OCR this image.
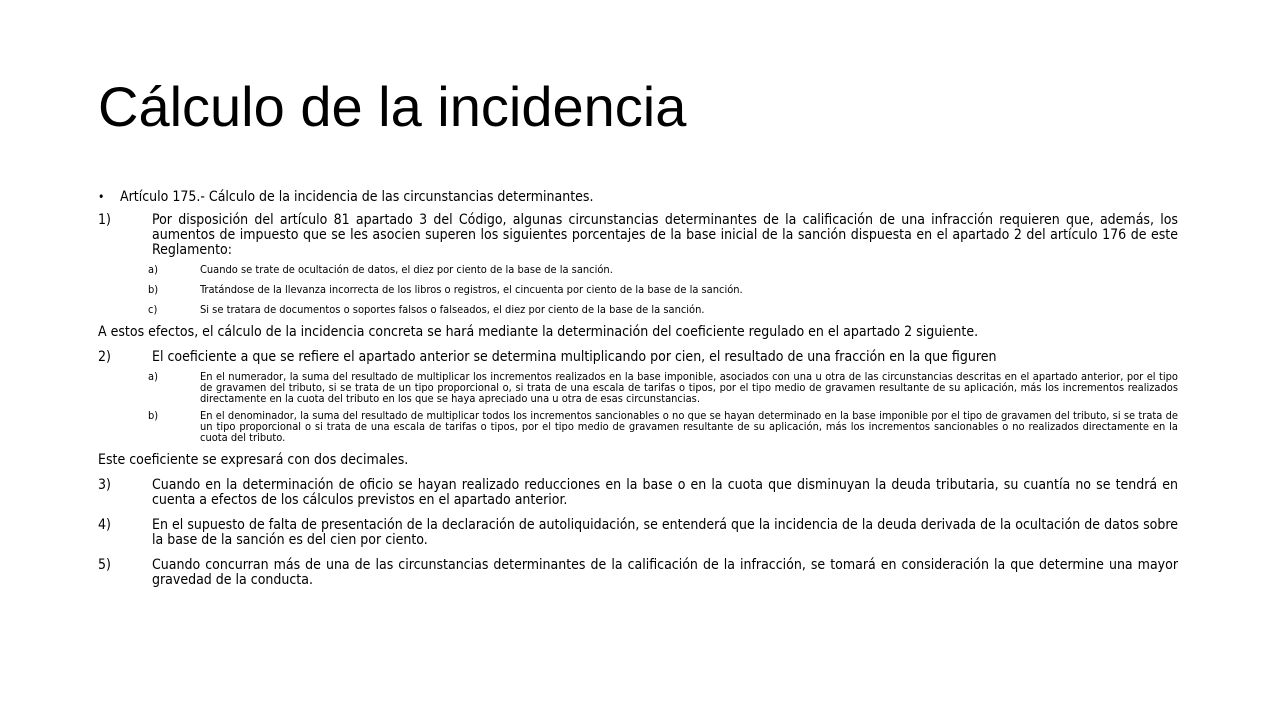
Cálculo de la incidencia
• Artículo 175.- Cálculo de la incidencia de las circunstancias determinantes.
1)	Por disposición del artículo 81 apartado 3 del Código, algunas circunstancias determinantes de la calificación de una infracción requieren que, además, los aumentos de impuesto que se les asocien superen los siguientes porcentajes de la base inicial de la sanción dispuesta en el apartado 2 del artículo 176 de este Reglamento:
a)	Cuando se trate de ocultación de datos, el diez por ciento de la base de la sanción.
b)	Tratándose de la llevanza incorrecta de los libros o registros, el cincuenta por ciento de la base de la sanción.
c)	Si se tratara de documentos o soportes falsos o falseados, el diez por ciento de la base de la sanción.
A estos efectos, el cálculo de la incidencia concreta se hará mediante la determinación del coeficiente regulado en el apartado 2 siguiente.
2)	El coeficiente a que se refiere el apartado anterior se determina multiplicando por cien, el resultado de una fracción en la que figuren
a)	En el numerador, la suma del resultado de multiplicar los incrementos realizados en la base imponible, asociados con una u otra de las circunstancias descritas en el apartado anterior, por el tipo de gravamen del tributo, si se trata de un tipo proporcional o, si trata de una escala de tarifas o tipos, por el tipo medio de gravamen resultante de su aplicación, más los incrementos realizados directamente en la cuota del tributo en los que se haya apreciado una u otra de esas circunstancias.
b)	En el denominador, la suma del resultado de multiplicar todos los incrementos sancionables o no que se hayan determinado en la base imponible por el tipo de gravamen del tributo, si se trata de un tipo proporcional o si trata de una escala de tarifas o tipos, por el tipo medio de gravamen resultante de su aplicación, más los incrementos sancionables o no realizados directamente en la cuota del tributo.
Este coeficiente se expresará con dos decimales.
3)	Cuando en la determinación de oficio se hayan realizado reducciones en la base o en la cuota que disminuyan la deuda tributaria, su cuantía no se tendrá en cuenta a efectos de los cálculos previstos en el apartado anterior.
4)	En el supuesto de falta de presentación de la declaración de autoliquidación, se entenderá que la incidencia de la deuda derivada de la ocultación de datos sobre la base de la sanción es del cien por ciento.
5)	Cuando concurran más de una de las circunstancias determinantes de la calificación de la infracción, se tomará en consideración la que determine una mayor gravedad de la conducta.
